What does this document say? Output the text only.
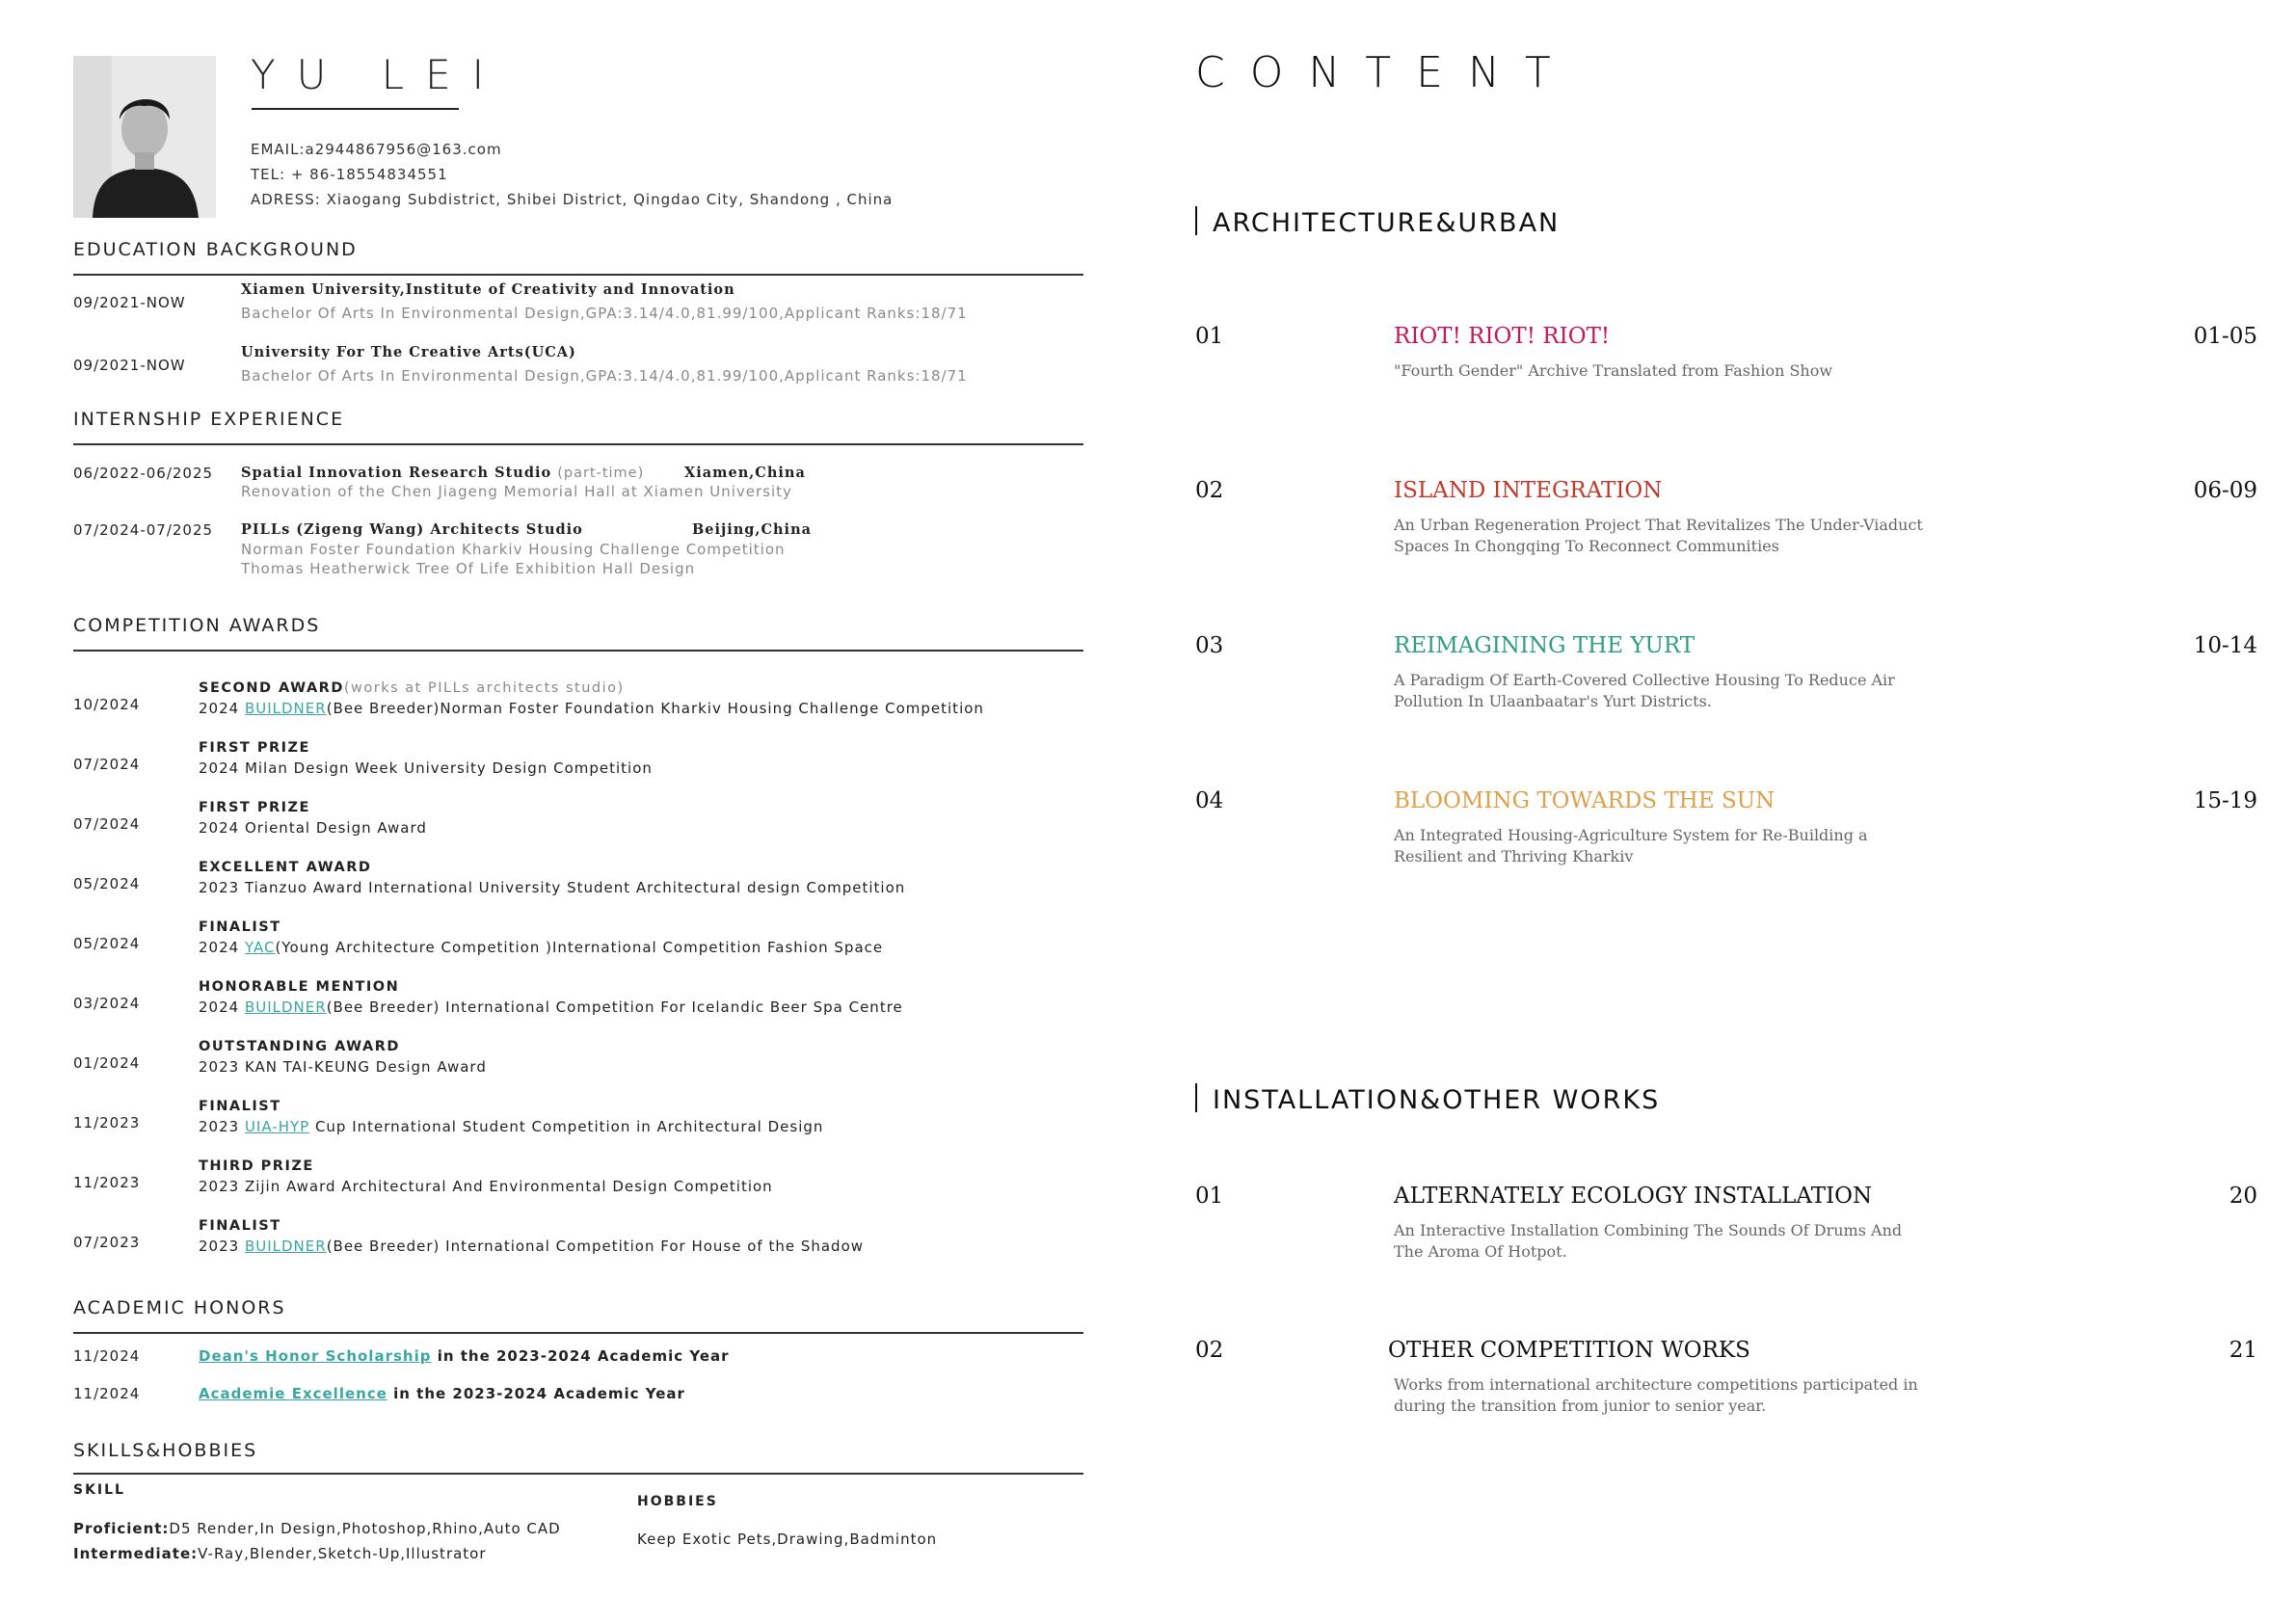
YU LEI
EMAIL:a2944867956@163.com
TEL: + 86-18554834551
ADRESS: Xiaogang Subdistrict, Shibei District, Qingdao City, Shandong , China
EDUCATION BACKGROUND
09/2021-NOW
Xiamen University,Institute of Creativity and Innovation
Bachelor Of Arts In Environmental Design,GPA:3.14/4.0,81.99/100,Applicant Ranks:18/71
09/2021-NOW
University For The Creative Arts(UCA)
Bachelor Of Arts In Environmental Design,GPA:3.14/4.0,81.99/100,Applicant Ranks:18/71
INTERNSHIP EXPERIENCE
06/2022-06/2025 Spatial Innovation Research Studio (part-time)	Xiamen,China
Renovation of the Chen Jiageng Memorial Hall at Xiamen University
07/2024-07/2025 PILLs (Zigeng Wang) Architects Studio	Beijing,China
Norman Foster Foundation Kharkiv Housing Challenge Competition
Thomas Heatherwick Tree Of Life Exhibition Hall Design
COMPETITION AWARDS
10/2024
SECOND AWARD(works at PILLs architects studio)
2024 BUILDNER(Bee Breeder)Norman Foster Foundation Kharkiv Housing Challenge Competition
07/2024
FIRST PRIZE
2024 Milan Design Week University Design Competition
07/2024
FIRST PRIZE
2024 Oriental Design Award
05/2024
EXCELLENT AWARD
2023 Tianzuo Award International University Student Architectural design Competition
05/2024
FINALIST
2024 YAC(Young Architecture Competition )International Competition Fashion Space
03/2024
HONORABLE MENTION
2024 BUILDNER(Bee Breeder) International Competition For Icelandic Beer Spa Centre
01/2024
OUTSTANDING AWARD
2023 KAN TAI-KEUNG Design Award
11/2023
FINALIST
2023 UIA-HYP Cup International Student Competition in Architectural Design
11/2023
THIRD PRIZE
2023 Zijin Award Architectural And Environmental Design Competition
07/2023
FINALIST
2023 BUILDNER(Bee Breeder) International Competition For House of the Shadow
ACADEMIC HONORS
11/2024	Dean's Honor Scholarship in the 2023-2024 Academic Year
11/2024	Academie Excellence in the 2023-2024 Academic Year
SKILLS&HOBBIES
SKILL
Proficient:D5 Render,In Design,Photoshop,Rhino,Auto CAD
Intermediate:V-Ray,Blender,Sketch-Up,Illustrator
HOBBIES
Keep Exotic Pets,Drawing,Badminton
CONTENT
ARCHITECTURE&URBAN
01	RIOT! RIOT! RIOT!
"Fourth Gender" Archive Translated from Fashion Show
01-05
02	ISLAND INTEGRATION
An Urban Regeneration Project That Revitalizes The Under-Viaduct Spaces In Chongqing To Reconnect Communities
06-09
03	REIMAGINING THE YURT
A Paradigm Of Earth-Covered Collective Housing To Reduce Air Pollution In Ulaanbaatar's Yurt Districts.
10-14
04	BLOOMING TOWARDS THE SUN
An Integrated Housing-Agriculture System for Re-Building a Resilient and Thriving Kharkiv
15-19
INSTALLATION&OTHER WORKS
01	ALTERNATELY ECOLOGY INSTALLATION
An Interactive Installation Combining The Sounds Of Drums And The Aroma Of Hotpot.
20
02	OTHER COMPETITION WORKS
Works from international architecture competitions participated in during the transition from junior to senior year.
21
